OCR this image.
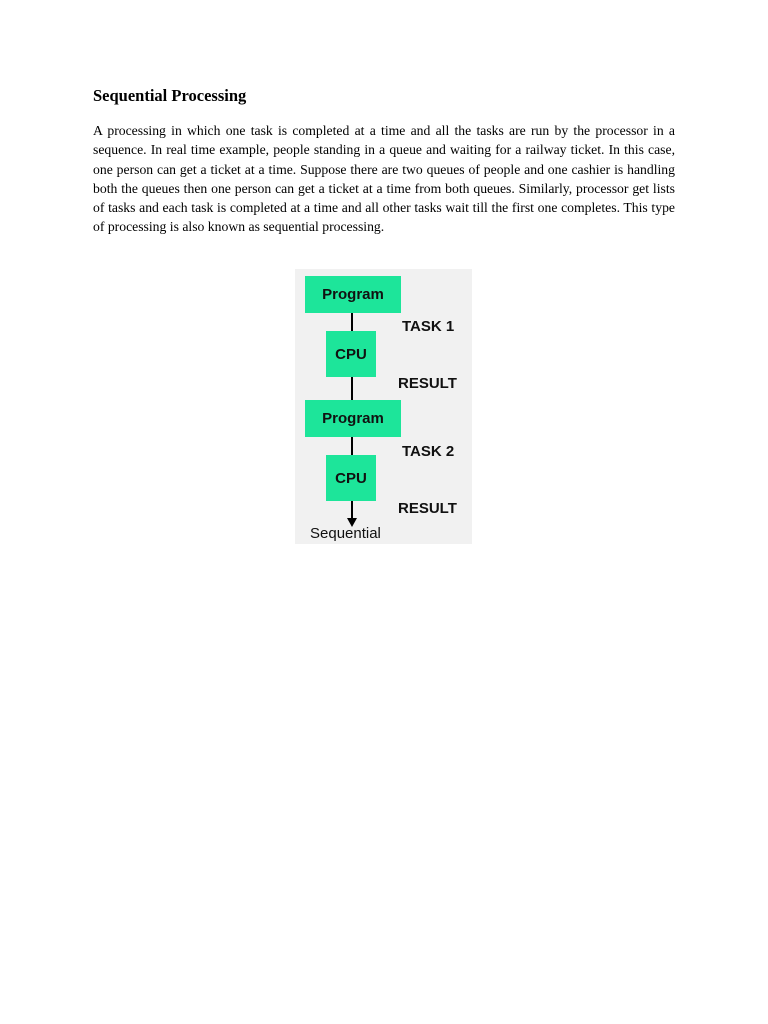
Sequential Processing

A processing in which one task is completed at a time and all the tasks are run by the processor in a sequence. In real time example, people standing in a queue and waiting for a railway ticket. In this case, one person can get a ticket at a time. Suppose there are two queues of people and one cashier is handling both the queues then one person can get a ticket at a time from both queues. Similarly, processor get lists of tasks and each task is completed at a time and all other tasks wait till the first one completes. This type of processing is also known as sequential processing.

Program
TASK 1
CPU
RESULT
Program
TASK 2
CPU
RESULT
Sequential
